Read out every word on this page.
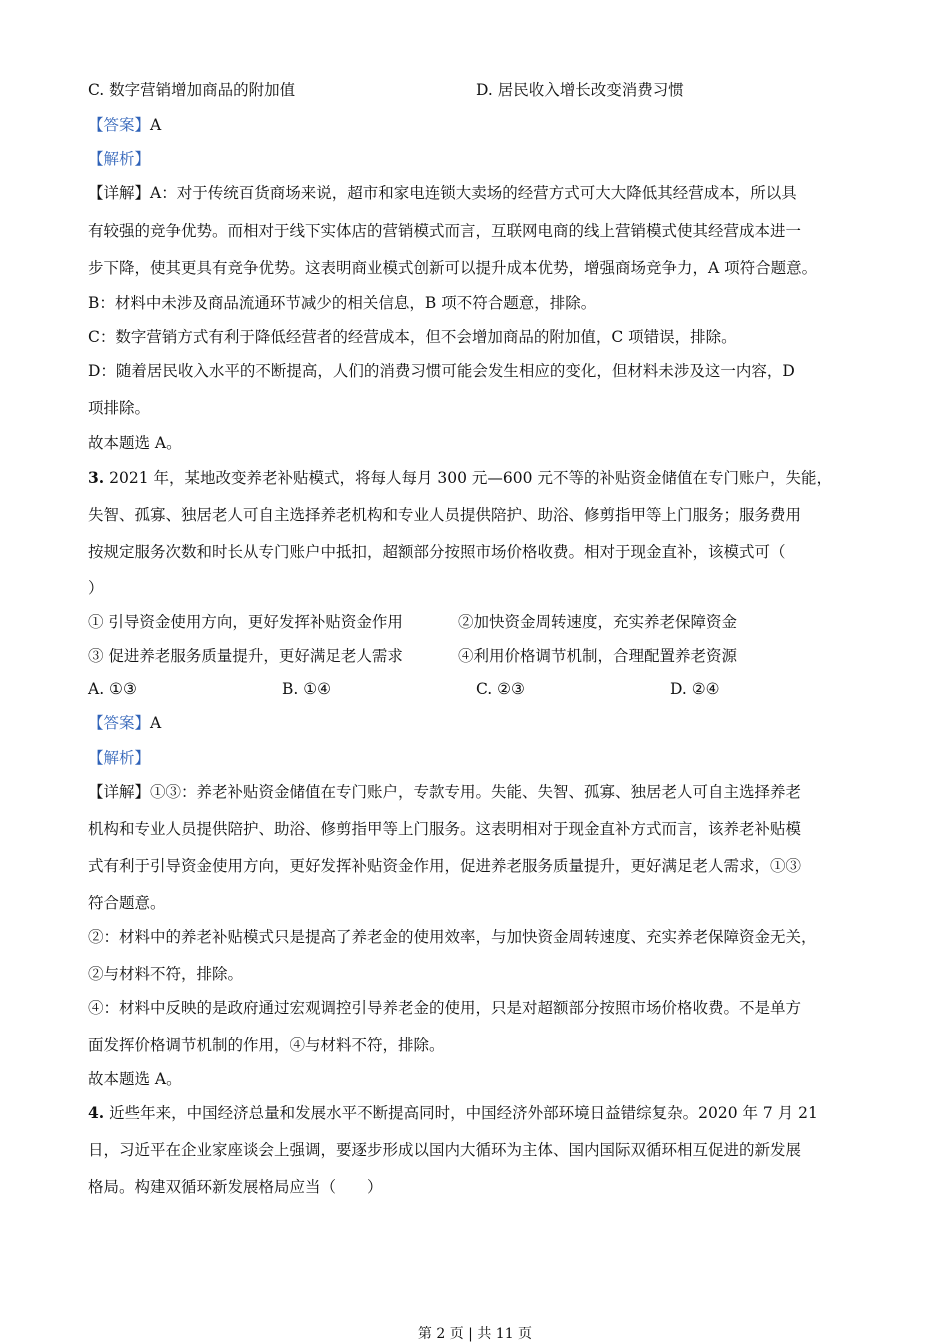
C. 数字营销增加商品的附加值	D. 居民收入增长改变消费习惯
【答案】A
【解析】
【详解】A：对于传统百货商场来说，超市和家电连锁大卖场的经营方式可大大降低其经营成本，所以具
有较强的竞争优势。而相对于线下实体店的营销模式而言，互联网电商的线上营销模式使其经营成本进一
步下降，使其更具有竞争优势。这表明商业模式创新可以提升成本优势，增强商场竞争力，A 项符合题意。
B：材料中未涉及商品流通环节减少的相关信息，B 项不符合题意，排除。
C：数字营销方式有利于降低经营者的经营成本，但不会增加商品的附加值，C 项错误，排除。
D：随着居民收入水平的不断提高，人们的消费习惯可能会发生相应的变化，但材料未涉及这一内容，D
项排除。
故本题选 A。
3. 2021 年，某地改变养老补贴模式，将每人每月 300 元—600 元不等的补贴资金储值在专门账户，失能，
失智、孤寡、独居老人可自主选择养老机构和专业人员提供陪护、助浴、修剪指甲等上门服务；服务费用
按规定服务次数和时长从专门账户中抵扣，超额部分按照市场价格收费。相对于现金直补，该模式可（
）
① 引导资金使用方向，更好发挥补贴资金作用	②加快资金周转速度，充实养老保障资金
③ 促进养老服务质量提升，更好满足老人需求	④利用价格调节机制，合理配置养老资源
A. ①③	B. ①④	C. ②③	D. ②④
【答案】A
【解析】
【详解】①③：养老补贴资金储值在专门账户，专款专用。失能、失智、孤寡、独居老人可自主选择养老
机构和专业人员提供陪护、助浴、修剪指甲等上门服务。这表明相对于现金直补方式而言，该养老补贴模
式有利于引导资金使用方向，更好发挥补贴资金作用，促进养老服务质量提升，更好满足老人需求，①③
符合题意。
②：材料中的养老补贴模式只是提高了养老金的使用效率，与加快资金周转速度、充实养老保障资金无关，
②与材料不符，排除。
④：材料中反映的是政府通过宏观调控引导养老金的使用，只是对超额部分按照市场价格收费。不是单方
面发挥价格调节机制的作用，④与材料不符，排除。
故本题选 A。
4. 近些年来，中国经济总量和发展水平不断提高同时，中国经济外部环境日益错综复杂。2020 年 7 月 21
日，习近平在企业家座谈会上强调，要逐步形成以国内大循环为主体、国内国际双循环相互促进的新发展
格局。构建双循环新发展格局应当（　　）
第 2 页 | 共 11 页
